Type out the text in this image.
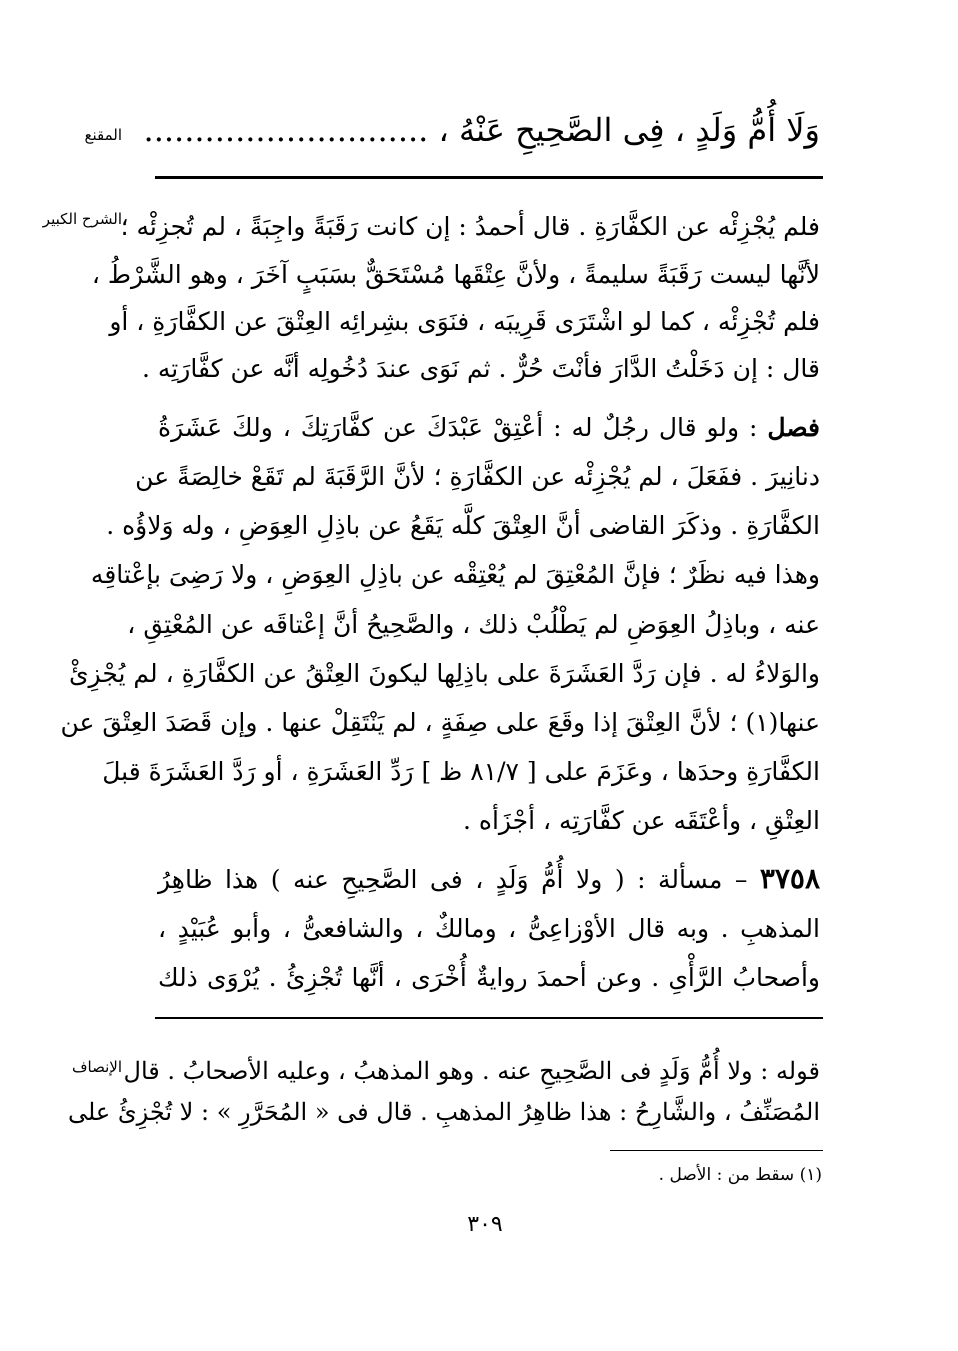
وَلَا أُمُّ وَلَدٍ ، فِى الصَّحِيحِ عَنْهُ ، ............................
المقنع
الشرح الكبير
فلم يُجْزِئْه عن الكفَّارَةِ . قال أحمدُ : إن كانت رَقَبَةً واجِبَةً ، لم تُجزِئْه ؛
لأنَّها ليست رَقَبَةً سليمةً ، ولأنَّ عِتْقَها مُسْتَحَقٌّ بسَبَبٍ آخَرَ ، وهو الشَّرْطُ ،
فلم تُجْزِئْه ، كما لو اشْتَرَى قَرِيبَه ، فنَوَى بشِرائِه العِتْقَ عن الكفَّارَةِ ، أو
قال : إن دَخَلْتُ الدَّارَ فأنْتَ حُرٌّ . ثم نَوَى عندَ دُخُولِه أنَّه عن كفَّارَتِه .
فصل : ولو قال رجُلٌ له : أعْتِقْ عَبْدَكَ عن كفَّارَتِكَ ، ولكَ عَشَرَةُ
دنانِيرَ . ففَعَلَ ، لم يُجْزِئْه عن الكفَّارَةِ ؛ لأنَّ الرَّقَبَةَ لم تَقَعْ خالِصَةً عن
الكفَّارَةِ . وذكَرَ القاضى أنَّ العِتْقَ كلَّه يَقَعُ عن باذِلِ العِوَضِ ، وله وَلاؤُه .
وهذا فيه نظَرٌ ؛ فإنَّ المُعْتِقَ لم يُعْتِقْه عن باذِلِ العِوَضِ ، ولا رَضِىَ بإعْتاقِه
عنه ، وباذِلُ العِوَضِ لم يَطْلُبْ ذلك ، والصَّحِيحُ أنَّ إعْتاقَه عن المُعْتِقِ ،
والوَلاءُ له . فإن رَدَّ العَشَرَةَ على باذِلِها ليكونَ العِتْقُ عن الكفَّارَةِ ، لم يُجْزِئْ
عنها(١) ؛ لأنَّ العِتْقَ إذا وقَعَ على صِفَةٍ ، لم يَنْتَقِلْ عنها . وإن قَصَدَ العِتْقَ عن
الكفَّارَةِ وحدَها ، وعَزَمَ على [ ٨١/٧ ظ ] رَدِّ العَشَرَةِ ، أو رَدَّ العَشَرَةَ قبلَ
العِتْقِ ، وأعْتَقَه عن كفَّارَتِه ، أجْزَأه .
٣٧٥٨ – مسألة : ( ولا أُمُّ وَلَدٍ ، فى الصَّحِيحِ عنه ) هذا ظاهِرُ
المذهبِ . وبه قال الأوْزاعِىُّ ، ومالكٌ ، والشافعىُّ ، وأبو عُبَيْدٍ ،
وأصحابُ الرَّأْىِ . وعن أحمدَ روايةٌ أُخْرَى ، أنَّها تُجْزِئُ . يُرْوَى ذلك
الإنصاف قوله : ولا أُمُّ وَلَدٍ فى الصَّحِيحِ عنه . وهو المذهبُ ، وعليه الأصحابُ . قال
المُصَنِّفُ ، والشَّارِحُ : هذا ظاهِرُ المذهبِ . قال فى « المُحَرَّرِ » : لا تُجْزِئُ على
(١) سقط من : الأصل .
٣٠٩
